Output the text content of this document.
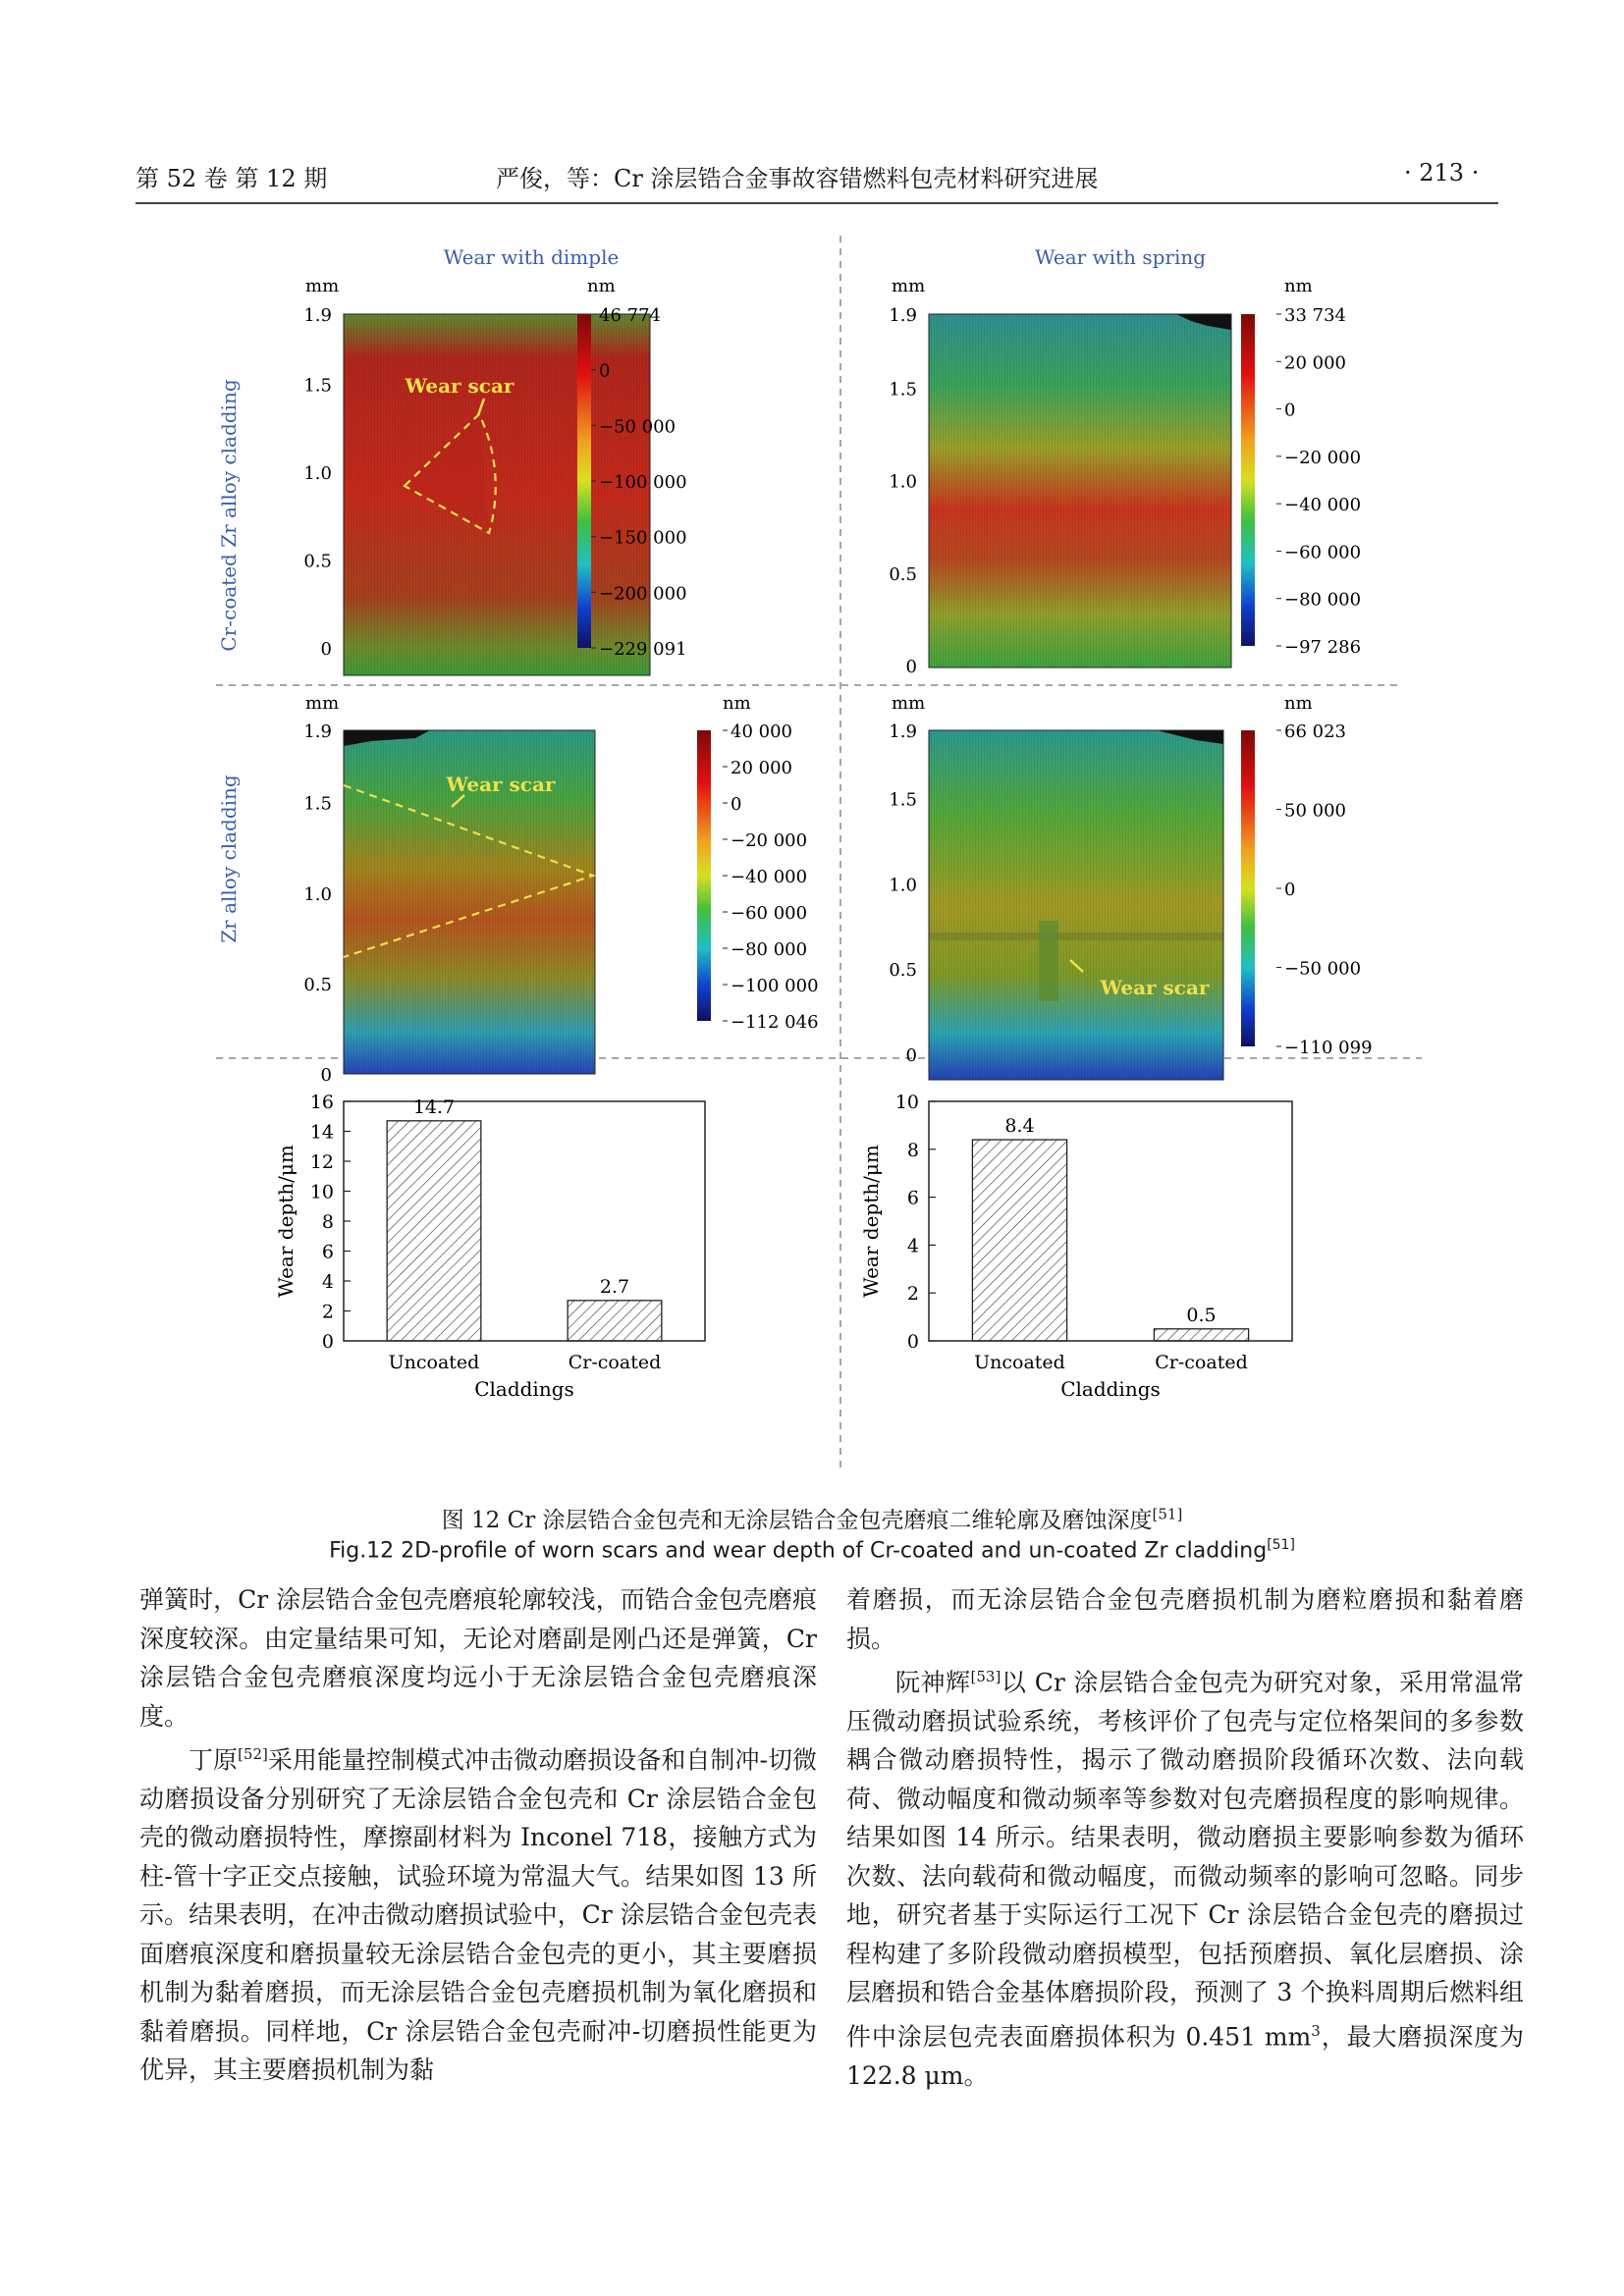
第 52 卷 第 12 期	严俊，等：Cr 涂层锆合金事故容错燃料包壳材料研究进展	· 213 ·
Wear with dimple	Wear with spring
Cr-coated Zr alloy cladding
Zr alloy cladding
mm
Wear scar
nm
1.9
1.5
1.0
0.5
0
46 774
0
−50 000
−100 000
−150 000
−200 000
−229 091
mm	nm
1.9
1.5
1.0
0.5
0
33 734
20 000
0
−20 000
−40 000
−60 000
−80 000
−97 286
mm
Wear scar
nm
1.9
1.5
1.0
0.5
0
40 000
20 000
0
−20 000
−40 000
−60 000
−80 000
−100 000
−112 046
mm
Wear scar
nm
1.9
1.5
1.0
0.5
0
66 023
50 000
0
−50 000
−110 099
0
2
4
6
8
10
12
14
16	14.7
Uncoated
2.7
Cr-coated
Claddings
Wear depth/μm
0
2
4
6
8
10
8.4
Uncoated
0.5
Cr-coated
Claddings
Wear depth/μm
图 12 Cr 涂层锆合金包壳和无涂层锆合金包壳磨痕二维轮廓及磨蚀深度[51]
Fig.12 2D-profile of worn scars and wear depth of Cr-coated and un-coated Zr cladding[51]

弹簧时，Cr 涂层锆合金包壳磨痕轮廓较浅，而锆合金包壳磨痕深度较深。由定量结果可知，无论对磨副是刚凸还是弹簧，Cr 涂层锆合金包壳磨痕深度均远小于无涂层锆合金包壳磨痕深度。

丁原[52]采用能量控制模式冲击微动磨损设备和自制冲-切微动磨损设备分别研究了无涂层锆合金包壳和 Cr 涂层锆合金包壳的微动磨损特性，摩擦副材料为 Inconel 718，接触方式为柱-管十字正交点接触，试验环境为常温大气。结果如图 13 所示。结果表明，在冲击微动磨损试验中，Cr 涂层锆合金包壳表面磨痕深度和磨损量较无涂层锆合金包壳的更小，其主要磨损机制为黏着磨损，而无涂层锆合金包壳磨损机制为氧化磨损和黏着磨损。同样地，Cr 涂层锆合金包壳耐冲-切磨损性能更为优异，其主要磨损机制为黏

着磨损，而无涂层锆合金包壳磨损机制为磨粒磨损和黏着磨损。

阮神辉[53]以 Cr 涂层锆合金包壳为研究对象，采用常温常压微动磨损试验系统，考核评价了包壳与定位格架间的多参数耦合微动磨损特性，揭示了微动磨损阶段循环次数、法向载荷、微动幅度和微动频率等参数对包壳磨损程度的影响规律。结果如图 14 所示。结果表明，微动磨损主要影响参数为循环次数、法向载荷和微动幅度，而微动频率的影响可忽略。同步地，研究者基于实际运行工况下 Cr 涂层锆合金包壳的磨损过程构建了多阶段微动磨损模型，包括预磨损、氧化层磨损、涂层磨损和锆合金基体磨损阶段，预测了 3 个换料周期后燃料组件中涂层包壳表面磨损体积为 0.451 $mm^3$，最大磨损深度为 122.8 μm。
